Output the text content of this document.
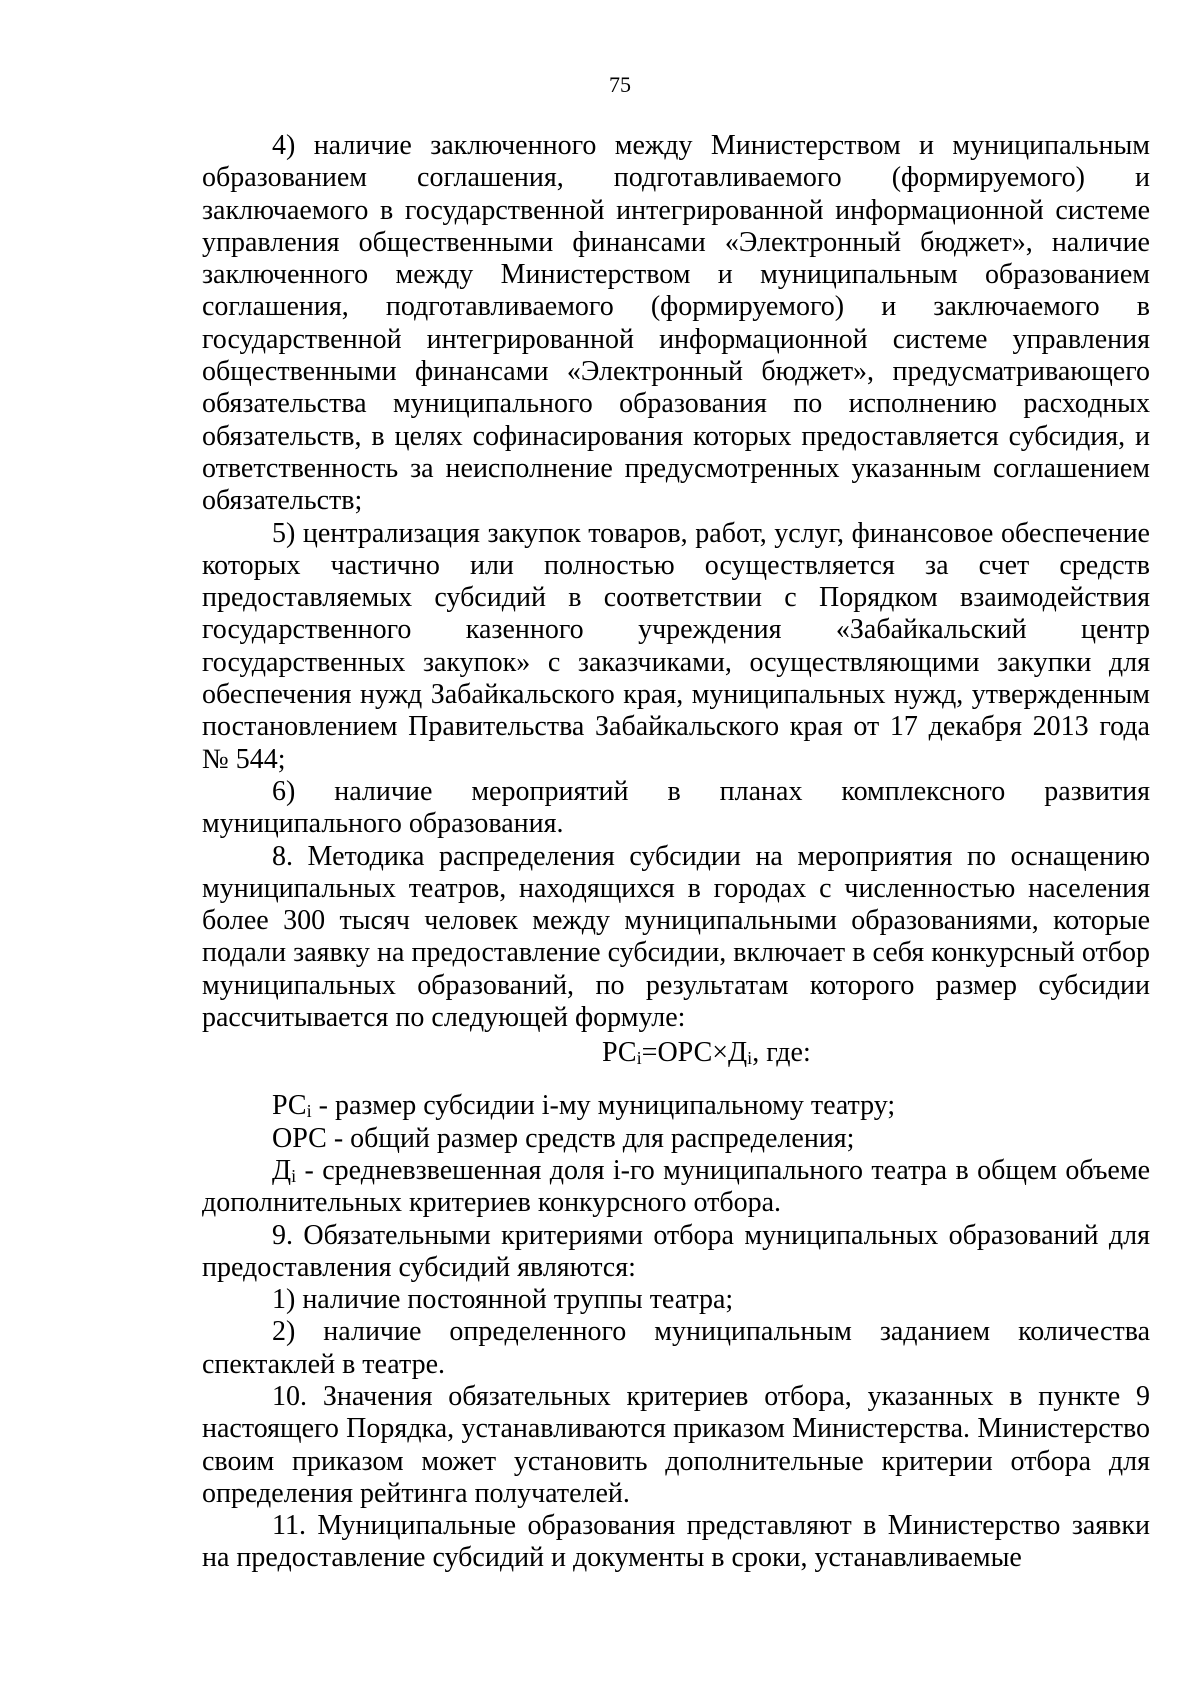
75

4) наличие заключенного между Министерством и муниципальным образованием соглашения, подготавливаемого (формируемого) и заключаемого в государственной интегрированной информационной системе управления общественными финансами «Электронный бюджет», наличие заключенного между Министерством и муниципальным образованием соглашения, подготавливаемого (формируемого) и заключаемого в государственной интегрированной информационной системе управления общественными финансами «Электронный бюджет», предусматривающего обязательства муниципального образования по исполнению расходных обязательств, в целях софинасирования которых предоставляется субсидия, и ответственность за неисполнение предусмотренных указанным соглашением обязательств;

5) централизация закупок товаров, работ, услуг, финансовое обеспечение которых частично или полностью осуществляется за счет средств предоставляемых субсидий в соответствии с Порядком взаимодействия государственного казенного учреждения «Забайкальский центр государственных закупок» с заказчиками, осуществляющими закупки для обеспечения нужд Забайкальского края, муниципальных нужд, утвержденным постановлением Правительства Забайкальского края от 17 декабря 2013 года № 544;

6) наличие мероприятий в планах комплексного развития муниципального образования.

8. Методика распределения субсидии на мероприятия по оснащению муниципальных театров, находящихся в городах с численностью населения более 300 тысяч человек между муниципальными образованиями, которые подали заявку на предоставление субсидии, включает в себя конкурсный отбор муниципальных образований, по результатам которого размер субсидии рассчитывается по следующей формуле:

$РС_i=ОРС\times Д_i$, где:

$РС_i$ - размер субсидии i-му муниципальному театру;

ОРС - общий размер средств для распределения;

$Д_i$ - средневзвешенная доля i-го муниципального театра в общем объеме дополнительных критериев конкурсного отбора.

9. Обязательными критериями отбора муниципальных образований для предоставления субсидий являются:

1) наличие постоянной труппы театра;

2) наличие определенного муниципальным заданием количества спектаклей в театре.

10. Значения обязательных критериев отбора, указанных в пункте 9 настоящего Порядка, устанавливаются приказом Министерства. Министерство своим приказом может установить дополнительные критерии отбора для определения рейтинга получателей.

11. Муниципальные образования представляют в Министерство заявки на предоставление субсидий и документы в сроки, устанавливаемые
